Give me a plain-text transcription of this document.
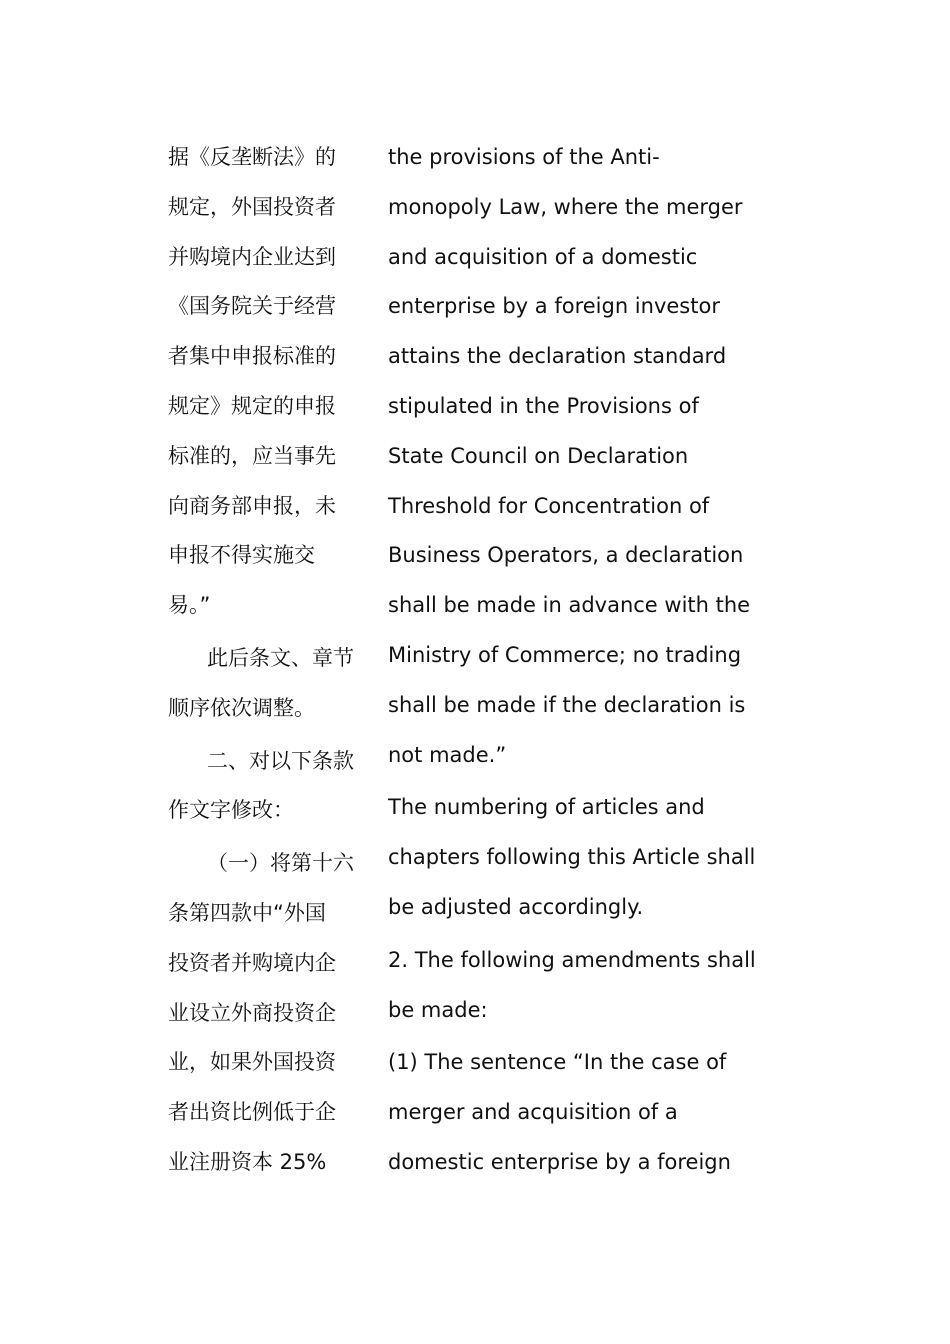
据《反垄断法》的
规定，外国投资者
并购境内企业达到
《国务院关于经营
者集中申报标准的
规定》规定的申报
标准的，应当事先
向商务部申报，未
申报不得实施交
易。”
此后条文、章节
顺序依次调整。
二、对以下条款
作文字修改：
（一）将第十六
条第四款中“外国
投资者并购境内企
业设立外商投资企
业，如果外国投资
者出资比例低于企
业注册资本 25%
the provisions of the Anti-
monopoly Law, where the merger
and acquisition of a domestic
enterprise by a foreign investor
attains the declaration standard
stipulated in the Provisions of
State Council on Declaration
Threshold for Concentration of
Business Operators, a declaration
shall be made in advance with the
Ministry of Commerce; no trading
shall be made if the declaration is
not made.”
The numbering of articles and
chapters following this Article shall
be adjusted accordingly.
2. The following amendments shall
be made:
(1) The sentence “In the case of
merger and acquisition of a
domestic enterprise by a foreign
